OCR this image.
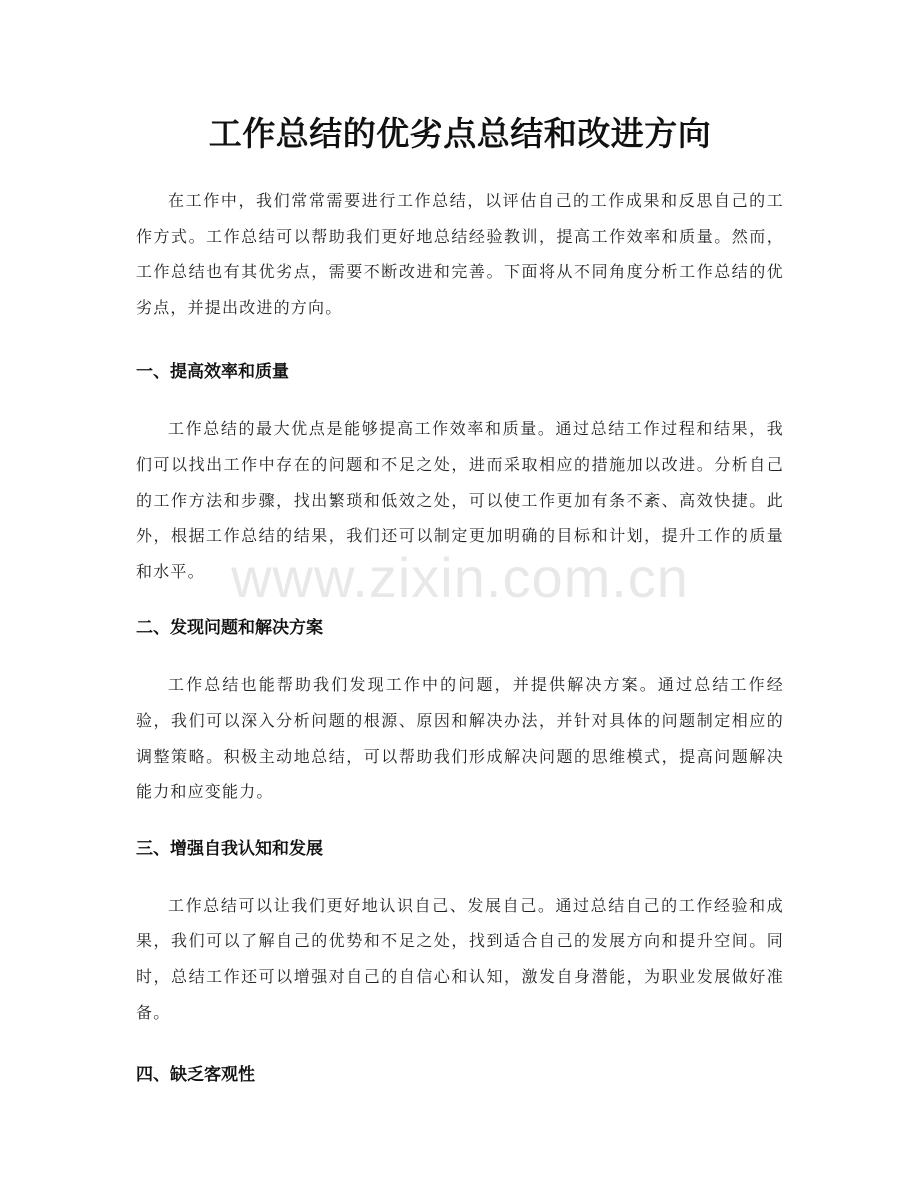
工作总结的优劣点总结和改进方向

在工作中，我们常常需要进行工作总结，以评估自己的工作成果和反思自己的工作方式。工作总结可以帮助我们更好地总结经验教训，提高工作效率和质量。然而，工作总结也有其优劣点，需要不断改进和完善。下面将从不同角度分析工作总结的优劣点，并提出改进的方向。

一、提高效率和质量

工作总结的最大优点是能够提高工作效率和质量。通过总结工作过程和结果，我们可以找出工作中存在的问题和不足之处，进而采取相应的措施加以改进。分析自己的工作方法和步骤，找出繁琐和低效之处，可以使工作更加有条不紊、高效快捷。此外，根据工作总结的结果，我们还可以制定更加明确的目标和计划，提升工作的质量和水平。

二、发现问题和解决方案

工作总结也能帮助我们发现工作中的问题，并提供解决方案。通过总结工作经验，我们可以深入分析问题的根源、原因和解决办法，并针对具体的问题制定相应的调整策略。积极主动地总结，可以帮助我们形成解决问题的思维模式，提高问题解决能力和应变能力。

三、增强自我认知和发展

工作总结可以让我们更好地认识自己、发展自己。通过总结自己的工作经验和成果，我们可以了解自己的优势和不足之处，找到适合自己的发展方向和提升空间。同时，总结工作还可以增强对自己的自信心和认知，激发自身潜能，为职业发展做好准备。

四、缺乏客观性
www.zixin.com.cn
